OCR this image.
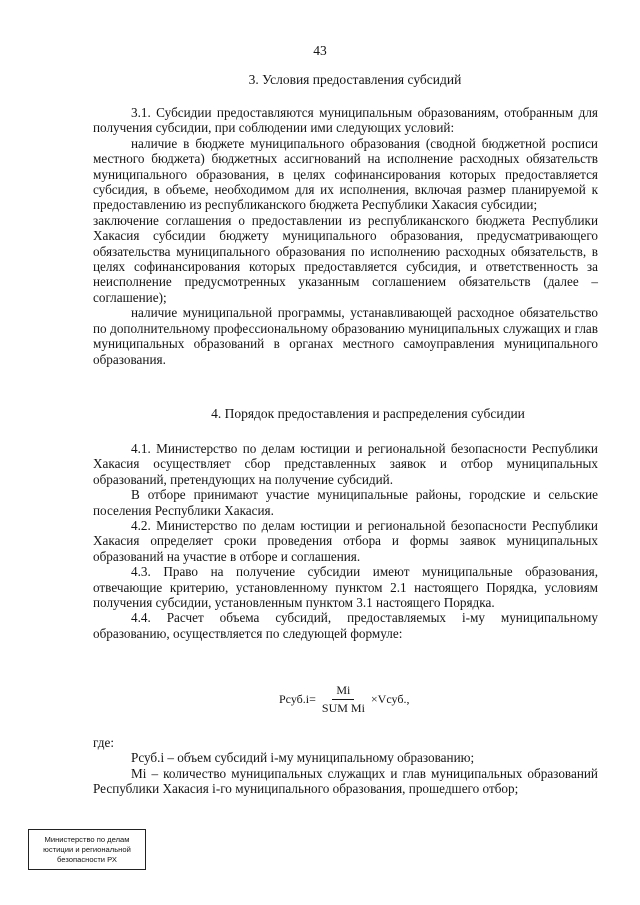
43
3. Условия предоставления субсидий

3.1. Субсидии предоставляются муниципальным образованиям, отобранным для получения субсидии, при соблюдении ими следующих условий:

наличие в бюджете муниципального образования (сводной бюджетной росписи местного бюджета) бюджетных ассигнований на исполнение расходных обязательств муниципального образования, в целях софинансирования которых предоставляется субсидия, в объеме, необходимом для их исполнения, включая размер планируемой к предоставлению из республиканского бюджета Республики Хакасия субсидии;

заключение соглашения о предоставлении из республиканского бюджета Республики Хакасия субсидии бюджету муниципального образования, предусматривающего обязательства муниципального образования по исполнению расходных обязательств, в целях софинансирования которых предоставляется субсидия, и ответственность за неисполнение предусмотренных указанным соглашением обязательств (далее – соглашение);

наличие муниципальной программы, устанавливающей расходное обязательство по дополнительному профессиональному образованию муниципальных служащих и глав муниципальных образований в органах местного самоуправления муниципального образования.

4. Порядок предоставления и распределения субсидии

4.1. Министерство по делам юстиции и региональной безопасности Республики Хакасия осуществляет сбор представленных заявок и отбор муниципальных образований, претендующих на получение субсидий.

В отборе принимают участие муниципальные районы, городские и сельские поселения Республики Хакасия.

4.2. Министерство по делам юстиции и региональной безопасности Республики Хакасия определяет сроки проведения отбора и формы заявок муниципальных образований на участие в отборе и соглашения.

4.3. Право на получение субсидии имеют муниципальные образования, отвечающие критерию, установленному пунктом 2.1 настоящего Порядка, условиям получения субсидии, установленным пунктом 3.1 настоящего Порядка.

4.4. Расчет объема субсидий, предоставляемых i-му муниципальному образованию, осуществляется по следующей формуле:

Рсуб.i= $\frac{Mi}{\text{SUM Mi}}$ ×Vсуб.,

где:

Рсуб.i – объем субсидий i-му муниципальному образованию;

Mi – количество муниципальных служащих и глав муниципальных образований Республики Хакасия i-го муниципального образования, прошедшего отбор;

Министерство по делам
юстиции и региональной
безопасности РХ
